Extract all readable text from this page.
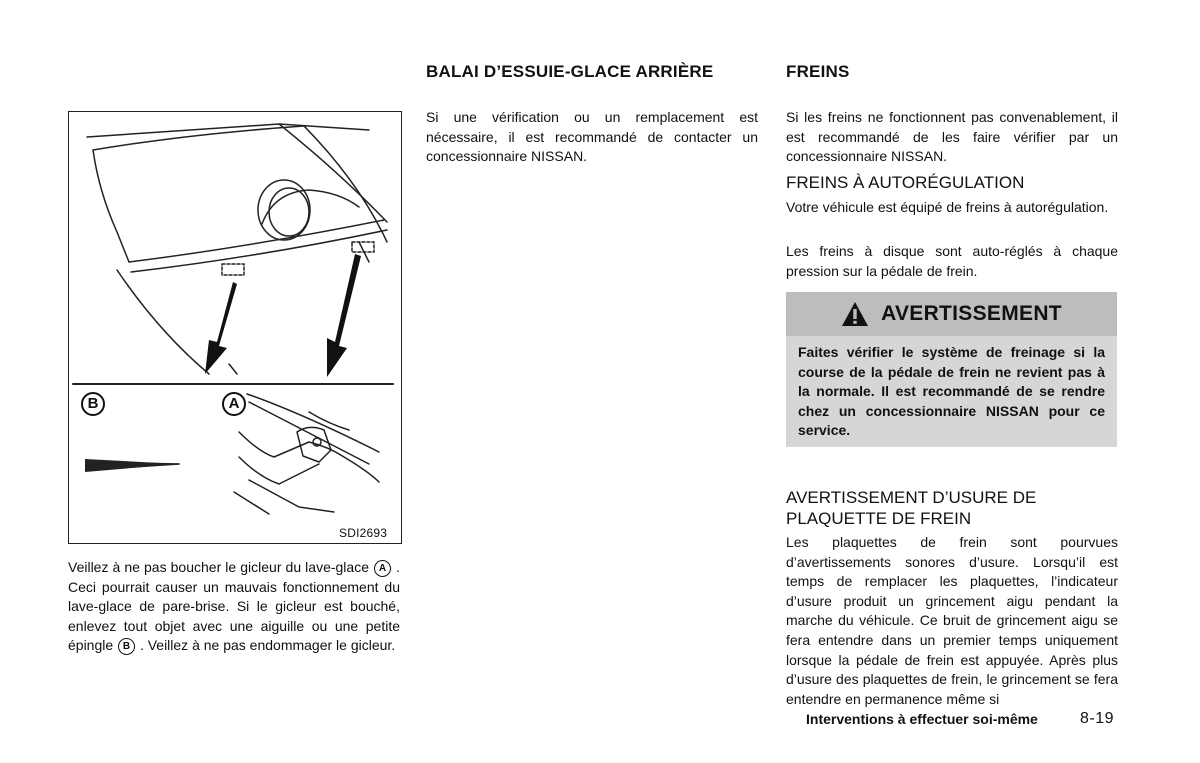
BALAI D’ESSUIE-GLACE ARRIÈRE
Si une vérification ou un remplacement est nécessaire, il est recommandé de contacter un concessionnaire NISSAN.
FREINS
Si les freins ne fonctionnent pas convenablement, il est recommandé de les faire vérifier par un concessionnaire NISSAN.
FREINS À AUTORÉGULATION
Votre véhicule est équipé de freins à autorégulation.
Les freins à disque sont auto-réglés à chaque pression sur la pédale de frein.
AVERTISSEMENT
Faites vérifier le système de freinage si la course de la pédale de frein ne revient pas à la normale. Il est recommandé de se rendre chez un concessionnaire NISSAN pour ce service.
AVERTISSEMENT D’USURE DE PLAQUETTE DE FREIN
Les plaquettes de frein sont pourvues d’avertissements sonores d’usure. Lorsqu’il est temps de remplacer les plaquettes, l’indicateur d’usure produit un grincement aigu pendant la marche du véhicule. Ce bruit de grincement aigu se fera entendre dans un premier temps uniquement lorsque la pédale de frein est appuyée. Après plus d’usure des plaquettes de frein, le grincement se fera entendre en permanence même si
Interventions à effectuer soi-même	8-19
B	A
SDI2693
Veillez à ne pas boucher le gicleur du lave-glace A . Ceci pourrait causer un mauvais fonctionnement du lave-glace de pare-brise. Si le gicleur est bouché, enlevez tout objet avec une aiguille ou une petite épingle B . Veillez à ne pas endommager le gicleur.
